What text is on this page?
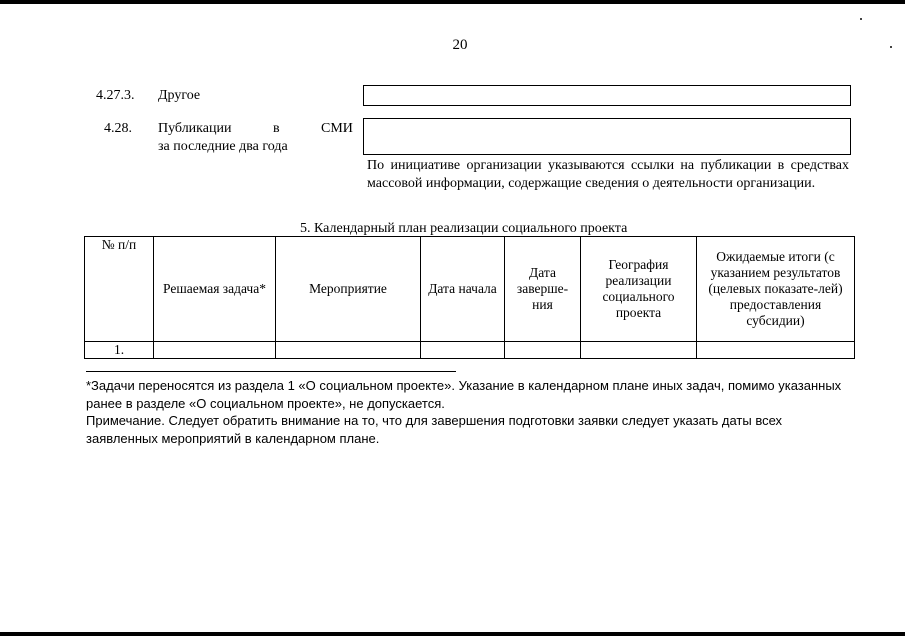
20
4.27.3. Другое
4.28. Публикации	в	СМИ
за последние два года
По инициативе организации указываются ссылки на публикации в средствах массовой информации, содержащие сведения о деятельности организации.
5. Календарный план реализации социального проекта
№ п/п	Решаемая задача*	Мероприятие	Дата начала	Дата заверше-ния	География реализации социального проекта	Ожидаемые итоги (с указанием результатов (целевых показате-лей) предоставления субсидии)
1.						

*Задачи переносятся из раздела 1 «О социальном проекте». Указание в календарном плане иных задач, помимо указанных ранее в разделе «О социальном проекте», не допускается.

Примечание. Следует обратить внимание на то, что для завершения подготовки заявки следует указать даты всех заявленных мероприятий в календарном плане.
